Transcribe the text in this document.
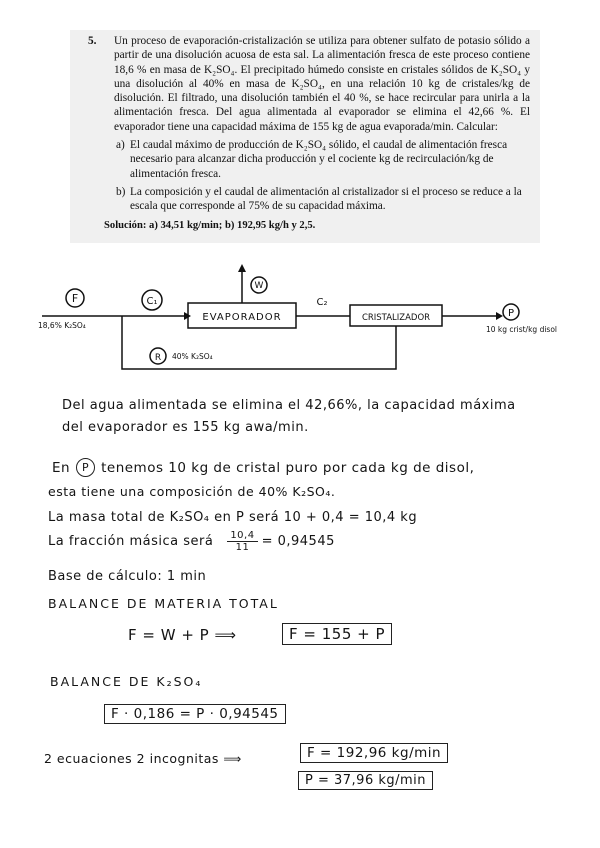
5. Un proceso de evaporación-cristalización se utiliza para obtener sulfato de potasio sólido a partir de una disolución acuosa de esta sal. La alimentación fresca de este proceso contiene 18,6 % en masa de K₂SO₄. El precipitado húmedo consiste en cristales sólidos de K₂SO₄ y una disolución al 40% en masa de K₂SO₄, en una relación 10 kg de cristales/kg de disolución. El filtrado, una disolución también el 40 %, se hace recircular para unirla a la alimentación fresca. Del agua alimentada al evaporador se elimina el 42,66 %. El evaporador tiene una capacidad máxima de 155 kg de agua evaporada/min. Calcular:
a) El caudal máximo de producción de K₂SO₄ sólido, el caudal de alimentación fresca necesario para alcanzar dicha producción y el cociente kg de recirculación/kg de alimentación fresca.
b) La composición y el caudal de alimentación al cristalizador si el proceso se reduce a la escala que corresponde al 75% de su capacidad máxima.
Solución: a) 34,51 kg/min; b) 192,95 kg/h y 2,5.
F	C₁	C₂
W
P
R
18,6% K₂SO₄
40% K₂SO₄
10 kg crist/kg disol
EVAPORADOR	CRISTALIZADOR
Del agua alimentada se elimina el 42,66%, la capacidad máxima
del evaporador es 155 kg awa/min.
En	P tenemos 10 kg de cristal puro por cada kg de disol,
esta tiene una composición de 40% K₂SO₄.
La masa total de K₂SO₄ en P será 10 + 0,4 = 10,4 kg
La fracción másica será $\frac{10,4}{11} = 0,94545$
Base de cálculo: 1 min
BALANCE DE MATERIA TOTAL
F = W + P ⟹	F = 155 + P
BALANCE DE K₂SO₄
F · 0,186 = P · 0,94545
2 ecuaciones 2 incognitas ⟹	F = 192,96 kg/min
P = 37,96 kg/min
